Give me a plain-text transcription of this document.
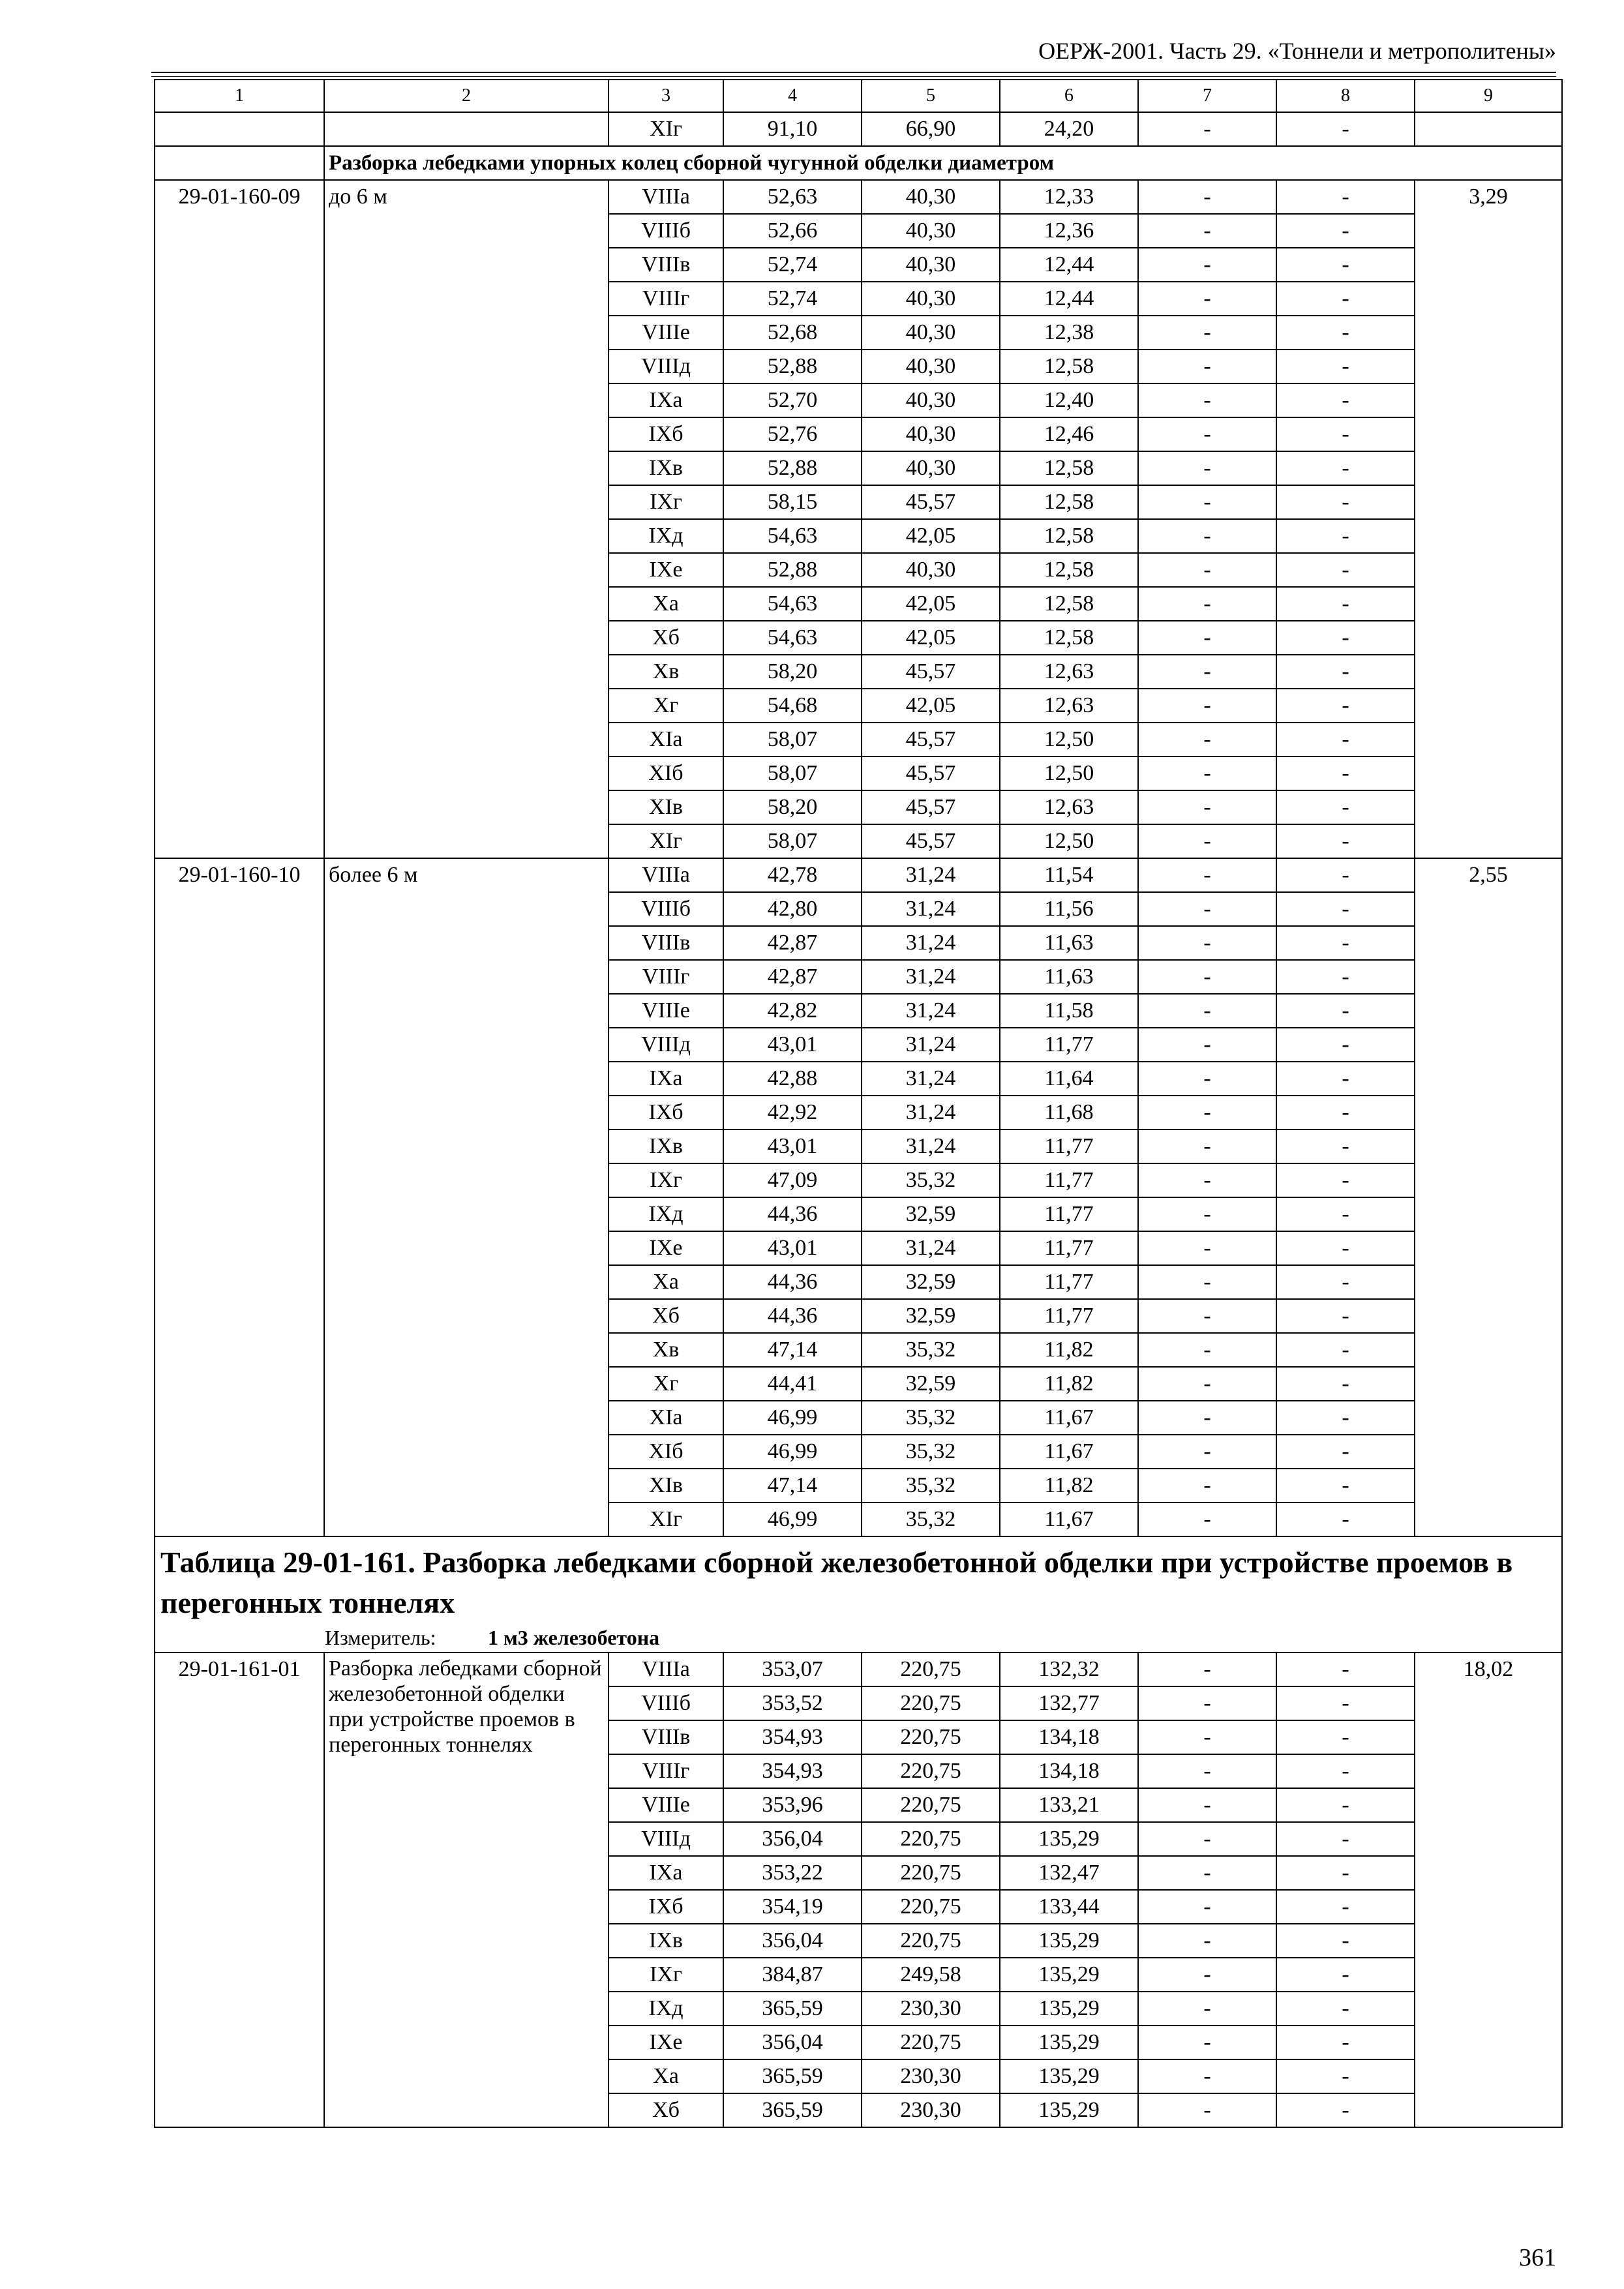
ОЕРЖ-2001. Часть 29. «Тоннели и метрополитены»
1	2	3	4	5	6	7	8	9
		XIг	91,10	66,90	24,20	-	-	
	Разборка лебедками упорных колец сборной чугунной обделки диаметром							
29-01-160-09	до 6 м	VIIIа	52,63	40,30	12,33	-	-	3,29
		VIIIб	52,66	40,30	12,36	-	-	
		VIIIв	52,74	40,30	12,44	-	-	
		VIIIг	52,74	40,30	12,44	-	-	
		VIIIе	52,68	40,30	12,38	-	-	
		VIIIд	52,88	40,30	12,58	-	-	
		IXа	52,70	40,30	12,40	-	-	
		IXб	52,76	40,30	12,46	-	-	
		IXв	52,88	40,30	12,58	-	-	
		IXг	58,15	45,57	12,58	-	-	
		IXд	54,63	42,05	12,58	-	-	
		IXе	52,88	40,30	12,58	-	-	
		Xа	54,63	42,05	12,58	-	-	
		Xб	54,63	42,05	12,58	-	-	
		Xв	58,20	45,57	12,63	-	-	
		Xг	54,68	42,05	12,63	-	-	
		XIа	58,07	45,57	12,50	-	-	
		XIб	58,07	45,57	12,50	-	-	
		XIв	58,20	45,57	12,63	-	-	
		XIг	58,07	45,57	12,50	-	-	
29-01-160-10	более 6 м	VIIIа	42,78	31,24	11,54	-	-	2,55
		VIIIб	42,80	31,24	11,56	-	-	
		VIIIв	42,87	31,24	11,63	-	-	
		VIIIг	42,87	31,24	11,63	-	-	
		VIIIе	42,82	31,24	11,58	-	-	
		VIIIд	43,01	31,24	11,77	-	-	
		IXа	42,88	31,24	11,64	-	-	
		IXб	42,92	31,24	11,68	-	-	
		IXв	43,01	31,24	11,77	-	-	
		IXг	47,09	35,32	11,77	-	-	
		IXд	44,36	32,59	11,77	-	-	
		IXе	43,01	31,24	11,77	-	-	
		Xа	44,36	32,59	11,77	-	-	
		Xб	44,36	32,59	11,77	-	-	
		Xв	47,14	35,32	11,82	-	-	
		Xг	44,41	32,59	11,82	-	-	
		XIа	46,99	35,32	11,67	-	-	
		XIб	46,99	35,32	11,67	-	-	
		XIв	47,14	35,32	11,82	-	-	
		XIг	46,99	35,32	11,67	-	-	
Таблица 29-01-161. Разборка лебедками сборной железобетонной обделки при устройстве проемов в перегонных тоннелях								
Измеритель: 1 м3 железобетона								
29-01-161-01	Разборка лебедками сборной железобетонной обделки при устройстве проемов в перегонных тоннелях	VIIIа	353,07	220,75	132,32	-	-	18,02
		VIIIб	353,52	220,75	132,77	-	-	
		VIIIв	354,93	220,75	134,18	-	-	
		VIIIг	354,93	220,75	134,18	-	-	
		VIIIе	353,96	220,75	133,21	-	-	
		VIIIд	356,04	220,75	135,29	-	-	
		IXа	353,22	220,75	132,47	-	-	
		IXб	354,19	220,75	133,44	-	-	
		IXв	356,04	220,75	135,29	-	-	
		IXг	384,87	249,58	135,29	-	-	
		IXд	365,59	230,30	135,29	-	-	
		IXе	356,04	220,75	135,29	-	-	
		Xа	365,59	230,30	135,29	-	-	
		Xб	365,59	230,30	135,29	-	-	
361
